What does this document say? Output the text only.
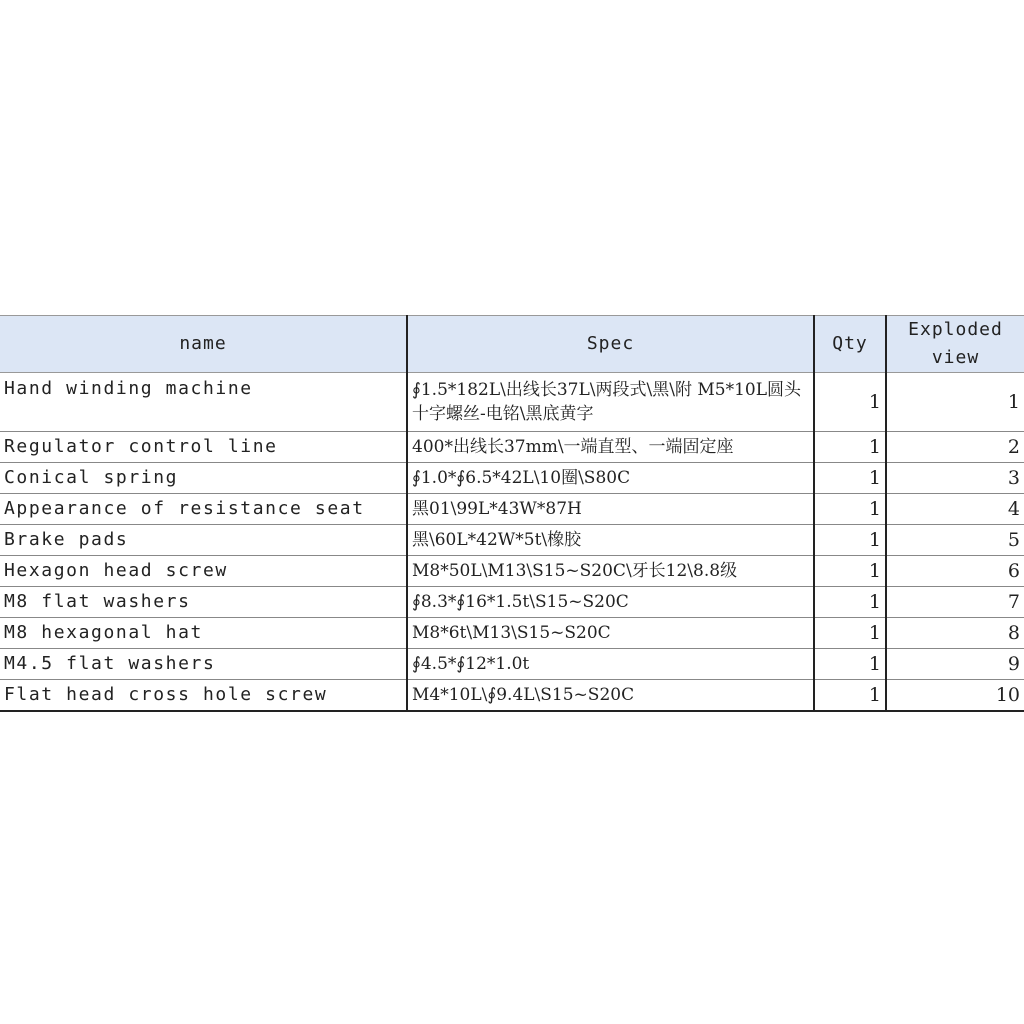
name	Spec	Qty	Exploded view
Hand winding machine	∮1.5*182L\出线长37L\两段式\黑\附 M5*10L圆头十字螺丝-电铭\黑底黄字	1	1
Regulator control line	400*出线长37mm\一端直型、一端固定座	1	2
Conical spring	∮1.0*∮6.5*42L\10圈\S80C	1	3
Appearance of resistance seat	黑01\99L*43W*87H	1	4
Brake pads	黑\60L*42W*5t\橡胶	1	5
Hexagon head screw	M8*50L\M13\S15~S20C\牙长12\8.8级	1	6
M8 flat washers	∮8.3*∮16*1.5t\S15~S20C	1	7
M8 hexagonal hat	M8*6t\M13\S15~S20C	1	8
M4.5 flat washers	∮4.5*∮12*1.0t	1	9
Flat head cross hole screw	M4*10L\∮9.4L\S15~S20C	1	10
